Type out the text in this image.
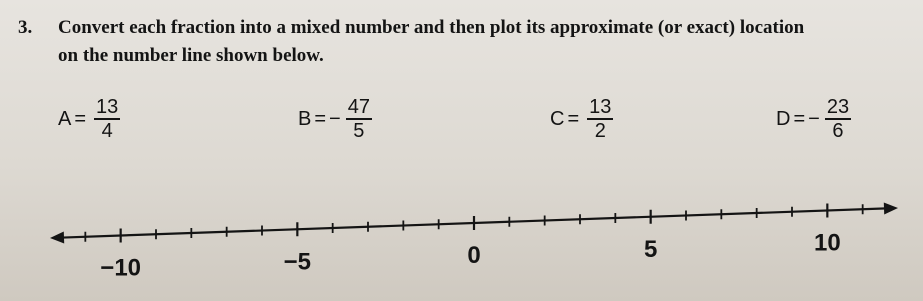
3. Convert each fraction into a mixed number and then plot its approximate (or exact) location
on the number line shown below.
$A = \frac{13}{4}$	B = − $\frac{47}{5}$	$C = \frac{13}{2}$	D = − $\frac{23}{6}$
−10	−5	0	5	10
